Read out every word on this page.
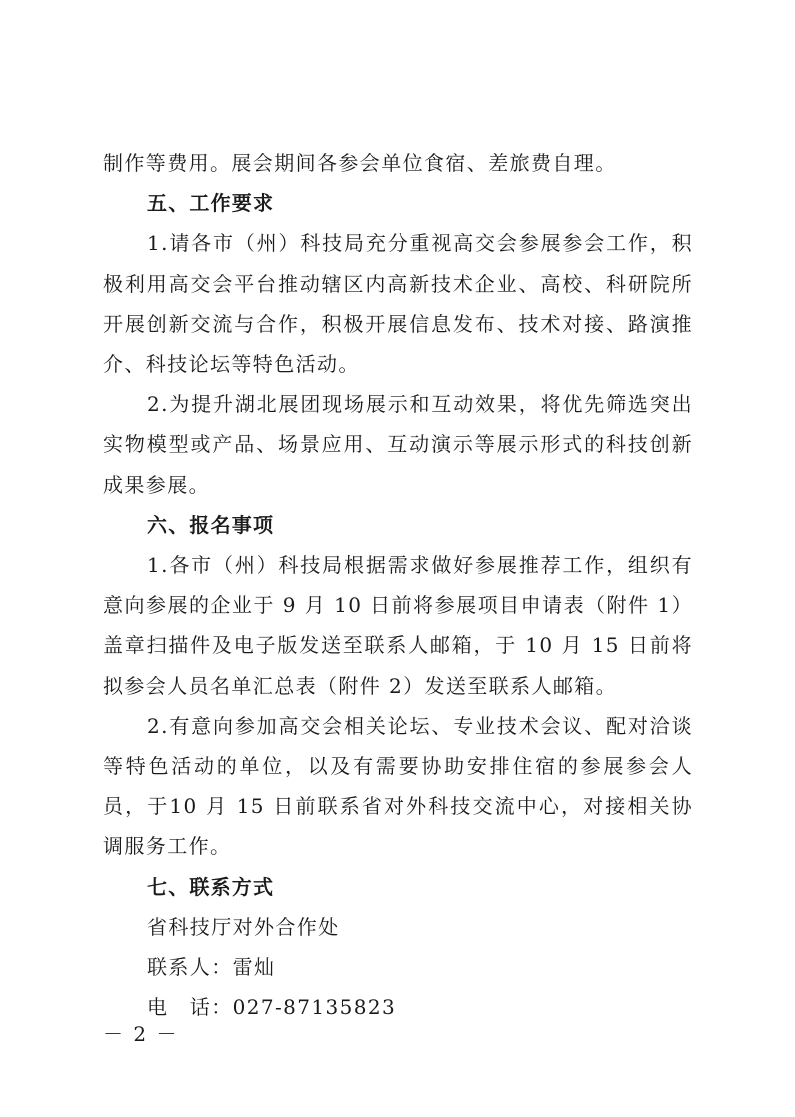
制作等费用。展会期间各参会单位食宿、差旅费自理。

五、工作要求

1.请各市（州）科技局充分重视高交会参展参会工作，积极利用高交会平台推动辖区内高新技术企业、高校、科研院所开展创新交流与合作，积极开展信息发布、技术对接、路演推介、科技论坛等特色活动。

2.为提升湖北展团现场展示和互动效果，将优先筛选突出实物模型或产品、场景应用、互动演示等展示形式的科技创新成果参展。

六、报名事项

1.各市（州）科技局根据需求做好参展推荐工作，组织有意向参展的企业于 9 月 10 日前将参展项目申请表（附件 1）盖章扫描件及电子版发送至联系人邮箱，于 10 月 15 日前将拟参会人员名单汇总表（附件 2）发送至联系人邮箱。

2.有意向参加高交会相关论坛、专业技术会议、配对洽谈等特色活动的单位，以及有需要协助安排住宿的参展参会人员，于10 月 15 日前联系省对外科技交流中心，对接相关协调服务工作。

七、联系方式

省科技厅对外合作处

联系人：雷灿

电　话：027-87135823

－ 2 －
